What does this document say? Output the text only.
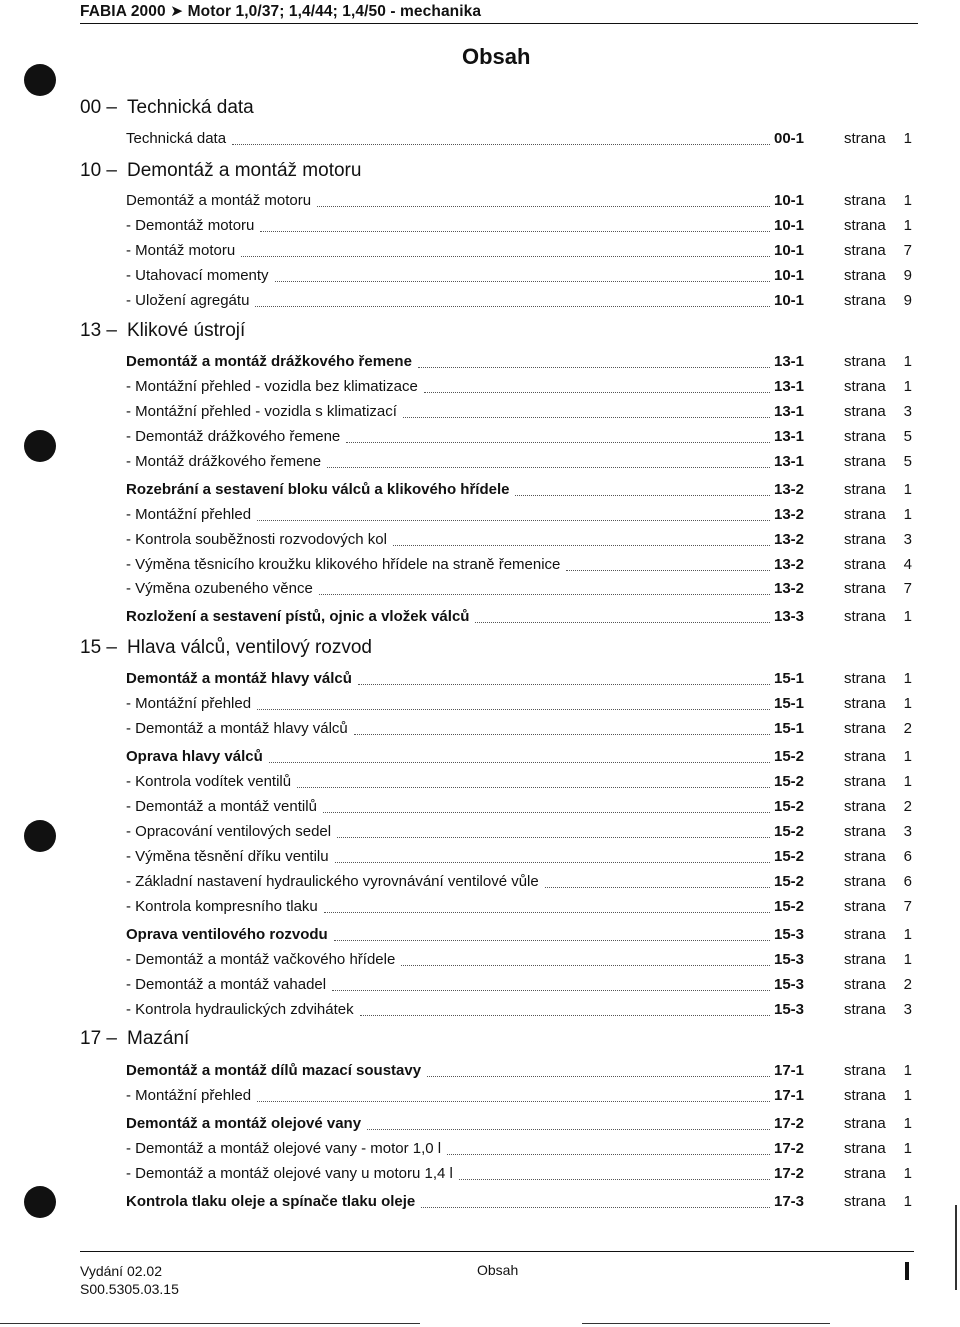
FABIA 2000 ➤ Motor 1,0/37; 1,4/44; 1,4/50 - mechanika
Obsah
00 – Technická data
10 – Demontáž a montáž motoru
13 – Klikové ústrojí
15 – Hlava válců, ventilový rozvod
17 – Mazání
Technická data	00-1	strana	1
Demontáž a montáž motoru	10-1	strana	1
- Demontáž motoru	10-1	strana	1
- Montáž motoru	10-1	strana	7
- Utahovací momenty	10-1	strana	9
- Uložení agregátu	10-1	strana	9
Demontáž a montáž drážkového řemene	13-1	strana	1
- Montážní přehled - vozidla bez klimatizace	13-1	strana	1
- Montážní přehled - vozidla s klimatizací	13-1	strana	3
- Demontáž drážkového řemene	13-1	strana	5
- Montáž drážkového řemene	13-1	strana	5
Rozebrání a sestavení bloku válců a klikového hřídele	13-2	strana	1
- Montážní přehled	13-2	strana	1
- Kontrola souběžnosti rozvodových kol	13-2	strana	3
- Výměna těsnicího kroužku klikového hřídele na straně řemenice	13-2	strana	4
- Výměna ozubeného věnce	13-2	strana	7
Rozložení a sestavení pístů, ojnic a vložek válců	13-3	strana	1
Demontáž a montáž hlavy válců	15-1	strana	1
- Montážní přehled	15-1	strana	1
- Demontáž a montáž hlavy válců	15-1	strana	2
Oprava hlavy válců	15-2	strana	1
- Kontrola vodítek ventilů	15-2	strana	1
- Demontáž a montáž ventilů	15-2	strana	2
- Opracování ventilových sedel	15-2	strana	3
- Výměna těsnění dříku ventilu	15-2	strana	6
- Základní nastavení hydraulického vyrovnávání ventilové vůle	15-2	strana	6
- Kontrola kompresního tlaku	15-2	strana	7
Oprava ventilového rozvodu	15-3	strana	1
- Demontáž a montáž vačkového hřídele	15-3	strana	1
- Demontáž a montáž vahadel	15-3	strana	2
- Kontrola hydraulických zdvihátek	15-3	strana	3
Demontáž a montáž dílů mazací soustavy	17-1	strana	1
- Montážní přehled	17-1	strana	1
Demontáž a montáž olejové vany	17-2	strana	1
- Demontáž a montáž olejové vany - motor 1,0 l	17-2	strana	1
- Demontáž a montáž olejové vany u motoru 1,4 l	17-2	strana	1
Kontrola tlaku oleje a spínače tlaku oleje	17-3	strana	1
Vydání 02.02
S00.5305.03.15
Obsah
